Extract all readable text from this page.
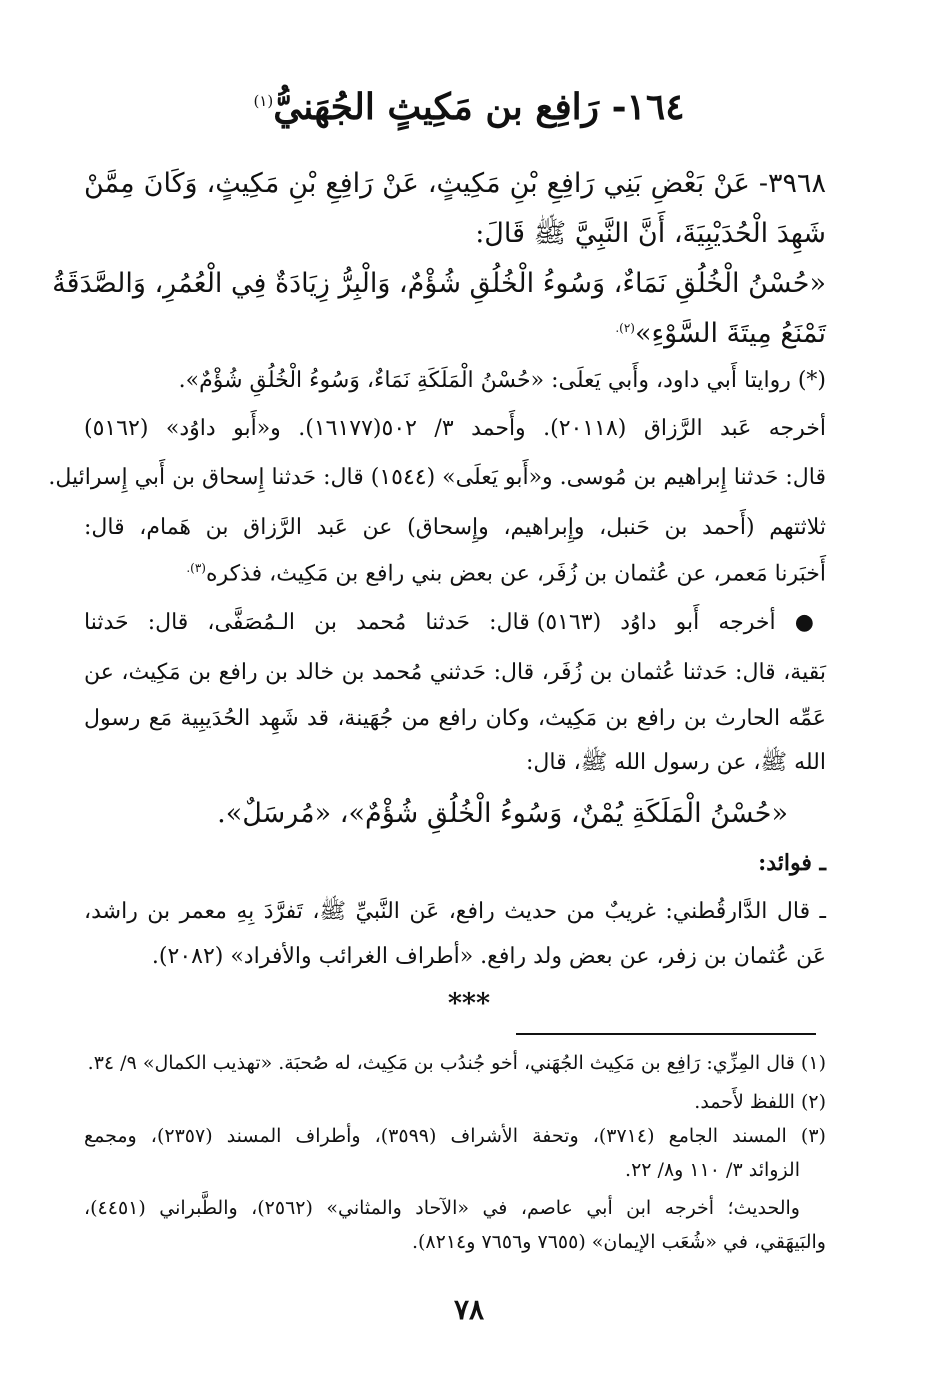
١٦٤- رَافِع بن مَكِيثٍ الجُهَنيُّ$^{(١)}$
٣٩٦٨- عَنْ بَعْضِ بَنِي رَافِعِ بْنِ مَكِيثٍ، عَنْ رَافِعِ بْنِ مَكِيثٍ، وَكَانَ مِمَّنْ
شَهِدَ الْحُدَيْبِيَةَ، أَنَّ النَّبِيَّ ﷺ قَالَ:
«حُسْنُ الْخُلُقِ نَمَاءٌ، وَسُوءُ الْخُلُقِ شُؤْمٌ، وَالْبِرُّ زِيَادَةٌ فِي الْعُمُرِ، وَالصَّدَقَةُ
تَمْنَعُ مِيتَةَ السَّوْءِ»$^{(٢).}$
(*) روايتا أَبي داود، وأَبي يَعلَى: «حُسْنُ الْمَلَكَةِ نَمَاءٌ، وَسُوءُ الْخُلُقِ شُؤْمٌ».
أخرجه عَبد الرَّزاق (٢٠١١٨). وأَحمد ٣/ ٥٠٢(١٦١٧٧). و«أَبو داوُد» (٥١٦٢)
قال: حَدثنا إِبراهيم بن مُوسى. و«أَبو يَعلَى» (١٥٤٤) قال: حَدثنا إِسحاق بن أَبي إِسرائيل.
ثلاثتهم (أَحمد بن حَنبل، وإِبراهيم، وإِسحاق) عن عَبد الرَّزاق بن هَمام، قال:
أَخبَرنا مَعمر، عن عُثمان بن زُفَر، عن بعض بني رافع بن مَكِيث، فذكره$^{(٣).}$
● أخرجه أَبو داوُد (٥١٦٣) قال: حَدثنا مُحمد بن الـمُصَفَّى، قال: حَدثنا
بَقية، قال: حَدثنا عُثمان بن زُفَر، قال: حَدثني مُحمد بن خالد بن رافع بن مَكِيث، عن
عَمِّه الحارث بن رافع بن مَكِيث، وكان رافع من جُهَينة، قد شَهِد الحُدَيبِية مَع رسول
الله ﷺ، عن رسول الله ﷺ، قال:
«حُسْنُ الْمَلَكَةِ يُمْنٌ، وَسُوءُ الْخُلُقِ شُؤْمٌ»، «مُرسَلٌ».
ـ فوائد:
ـ قال الدَّارقُطني: غريبٌ من حديث رافع، عَن النَّبيِّ ﷺ، تَفرَّدَ بِهِ معمر بن راشد،
عَن عُثمان بن زفر، عن بعض ولد رافع. «أطراف الغرائب والأفراد» (٢٠٨٢).
***
(١) قال المِزِّي: رَافِع بن مَكِيث الجُهَني، أخو جُندُب بن مَكِيث، له صُحبَة. «تهذيب الكمال» ٩/ ٣٤.
(٢) اللفظ لأَحمد.
(٣) المسند الجامع (٣٧١٤)، وتحفة الأشراف (٣٥٩٩)، وأطراف المسند (٢٣٥٧)، ومجمع
الزوائد ٣/ ١١٠ و٨/ ٢٢.
والحديث؛ أخرجه ابن أبي عاصم، في «الآحاد والمثاني» (٢٥٦٢)، والطَّبراني (٤٤٥١)،
والبَيهَقي، في «شُعَب الإيمان» (٧٦٥٥ و٧٦٥٦ و٨٢١٤).
٧٨
